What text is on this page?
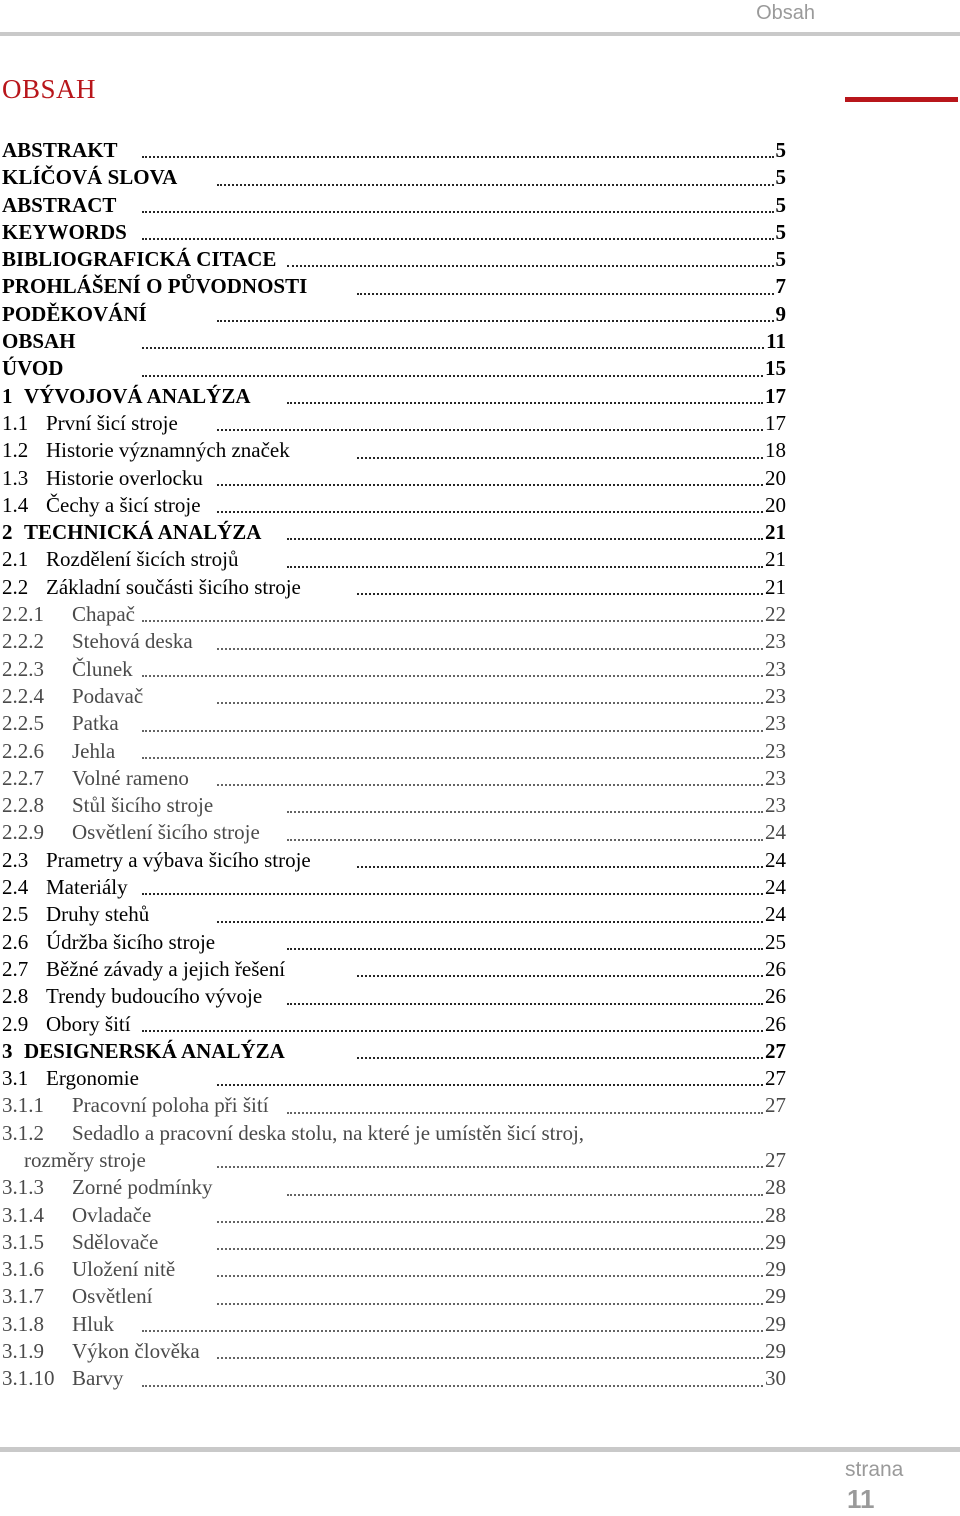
Obsah
OBSAH
ABSTRAKT	5
KLÍČOVÁ SLOVA	5
ABSTRACT	5
KEYWORDS	5
BIBLIOGRAFICKÁ CITACE	5
PROHLÁŠENÍ O PŮVODNOSTI	7
PODĚKOVÁNÍ	9
OBSAH	11
ÚVOD	15
1 VÝVOJOVÁ ANALÝZA	17
1.1 První šicí stroje	17
1.2 Historie významných značek	18
1.3 Historie overlocku	20
1.4 Čechy a šicí stroje	20
2 TECHNICKÁ ANALÝZA	21
2.1 Rozdělení šicích strojů	21
2.2 Základní součásti šicího stroje	21
2.2.1 Chapač	22
2.2.2 Stehová deska	23
2.2.3 Člunek	23
2.2.4 Podavač	23
2.2.5 Patka	23
2.2.6 Jehla	23
2.2.7 Volné rameno	23
2.2.8 Stůl šicího stroje	23
2.2.9 Osvětlení šicího stroje	24
2.3 Prametry a výbava šicího stroje	24
2.4 Materiály	24
2.5 Druhy stehů	24
2.6 Údržba šicího stroje	25
2.7 Běžné závady a jejich řešení	26
2.8 Trendy budoucího vývoje	26
2.9 Obory šití	26
3 DESIGNERSKÁ ANALÝZA	27
3.1 Ergonomie	27
3.1.1 Pracovní poloha při šití	27
3.1.2 Sedadlo a pracovní deska stolu, na které je umístěn šicí stroj,
rozměry stroje	27
3.1.3 Zorné podmínky	28
3.1.4 Ovladače	28
3.1.5 Sdělovače	29
3.1.6 Uložení nitě	29
3.1.7 Osvětlení	29
3.1.8 Hluk	29
3.1.9 Výkon člověka	29
3.1.10 Barvy	30
strana
11
